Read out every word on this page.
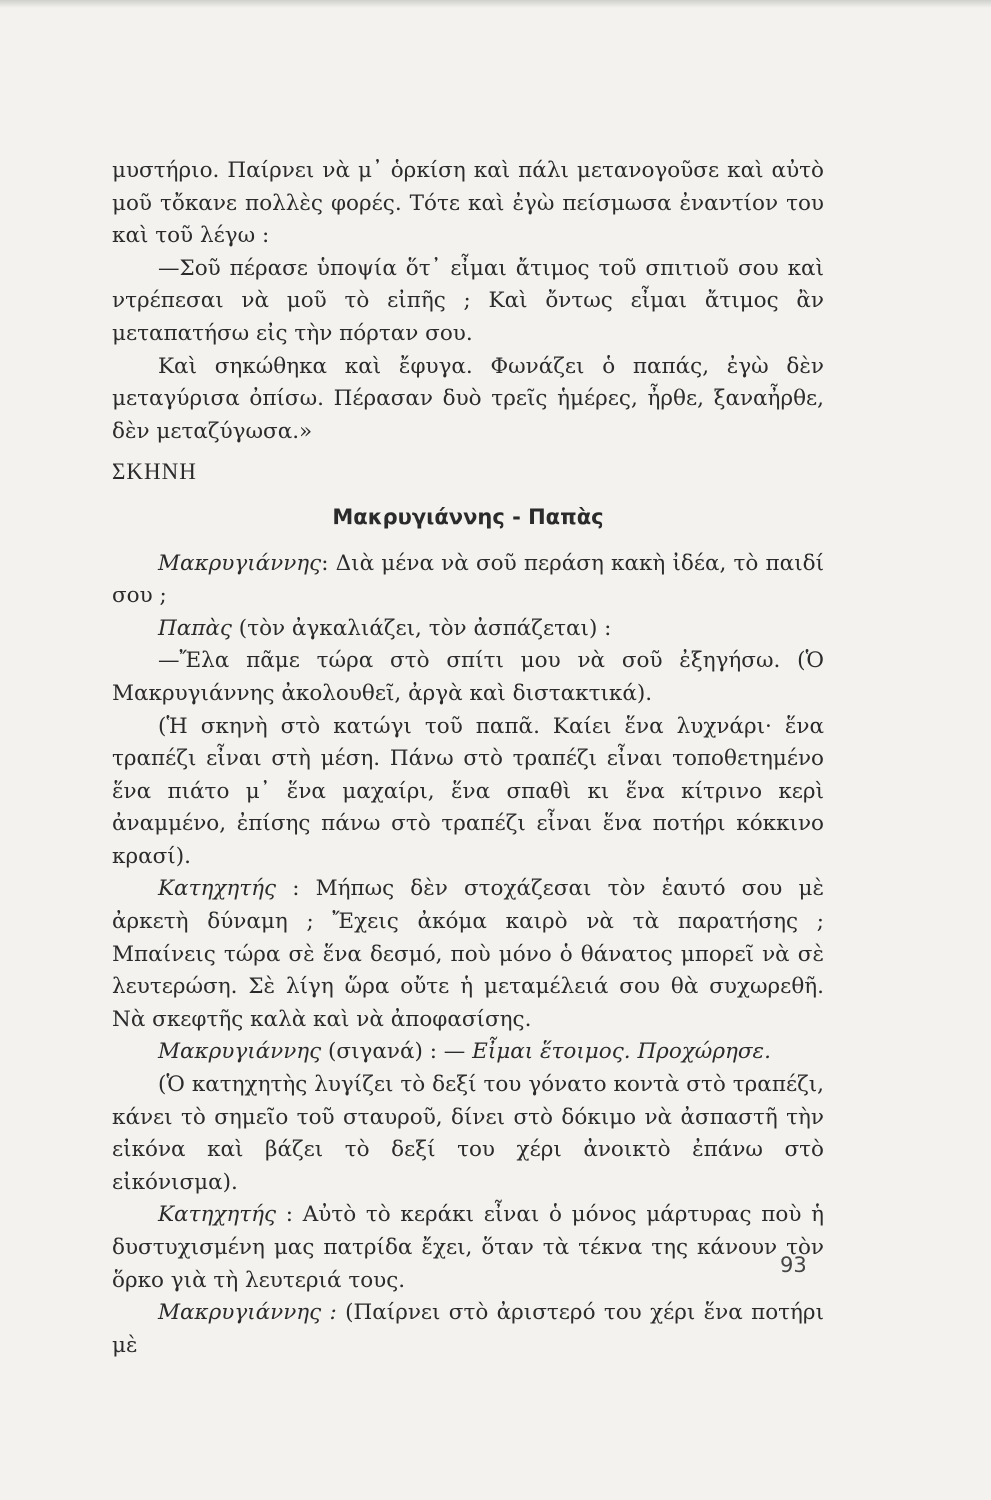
μυστήριο. Παίρνει νὰ μ᾽ ὁρκίση καὶ πάλι μετανογοῦσε καὶ αὐτὸ μοῦ τὄκανε πολλὲς φορές. Τότε καὶ ἐγὼ πείσμωσα ἐναντίον του καὶ τοῦ λέγω :

—Σοῦ πέρασε ὑποψία ὅτ᾽ εἶμαι ἄτιμος τοῦ σπιτιοῦ σου καὶ ντρέπεσαι νὰ μοῦ τὸ εἰπῆς ; Καὶ ὄντως εἶμαι ἄτιμος ἂν μεταπατήσω εἰς τὴν πόρταν σου.

Καὶ σηκώθηκα καὶ ἔφυγα. Φωνάζει ὁ παπάς, ἐγὼ δὲν μεταγύρισα ὀπίσω. Πέρασαν δυὸ τρεῖς ἡμέρες, ἦρθε, ξαναἦρθε, δὲν μεταζύγωσα.»

ΣΚΗΝΗ

Μακρυγιάννης - Παπὰς

Μακρυγιάννης: Διὰ μένα νὰ σοῦ περάση κακὴ ἰδέα, τὸ παιδί σου ;

Παπὰς (τὸν ἀγκαλιάζει, τὸν ἀσπάζεται) :

—Ἔλα πᾶμε τώρα στὸ σπίτι μου νὰ σοῦ ἐξηγήσω. (Ὁ Μακρυγιάννης ἀκολουθεῖ, ἀργὰ καὶ διστακτικά).

(Ἡ σκηνὴ στὸ κατώγι τοῦ παπᾶ. Καίει ἕνα λυχνάρι· ἕνα τραπέζι εἶναι στὴ μέση. Πάνω στὸ τραπέζι εἶναι τοποθετημένο ἕνα πιάτο μ᾽ ἕνα μαχαίρι, ἕνα σπαθὶ κι ἕνα κίτρινο κερὶ ἀναμμένο, ἐπίσης πάνω στὸ τραπέζι εἶναι ἕνα ποτήρι κόκκινο κρασί).

Κατηχητής : Μήπως δὲν στοχάζεσαι τὸν ἑαυτό σου μὲ ἀρκετὴ δύναμη ; Ἔχεις ἀκόμα καιρὸ νὰ τὰ παρατήσης ; Μπαίνεις τώρα σὲ ἕνα δεσμό, ποὺ μόνο ὁ θάνατος μπορεῖ νὰ σὲ λευτερώση. Σὲ λίγη ὥρα οὔτε ἡ μεταμέλειά σου θὰ συχωρεθῆ. Νὰ σκεφτῆς καλὰ καὶ νὰ ἀποφασίσης.

Μακρυγιάννης (σιγανά) : — Εἶμαι ἕτοιμος. Προχώρησε.

(Ὁ κατηχητὴς λυγίζει τὸ δεξί του γόνατο κοντὰ στὸ τραπέζι, κάνει τὸ σημεῖο τοῦ σταυροῦ, δίνει στὸ δόκιμο νὰ ἀσπαστῆ τὴν εἰκόνα καὶ βάζει τὸ δεξί του χέρι ἀνοικτὸ ἐπάνω στὸ εἰκόνισμα).

Κατηχητής : Αὐτὸ τὸ κεράκι εἶναι ὁ μόνος μάρτυρας ποὺ ἡ δυστυχισμένη μας πατρίδα ἔχει, ὅταν τὰ τέκνα της κάνουν τὸν ὅρκο γιὰ τὴ λευτεριά τους.

Μακρυγιάννης : (Παίρνει στὸ ἀριστερό του χέρι ἕνα ποτήρι μὲ

93
